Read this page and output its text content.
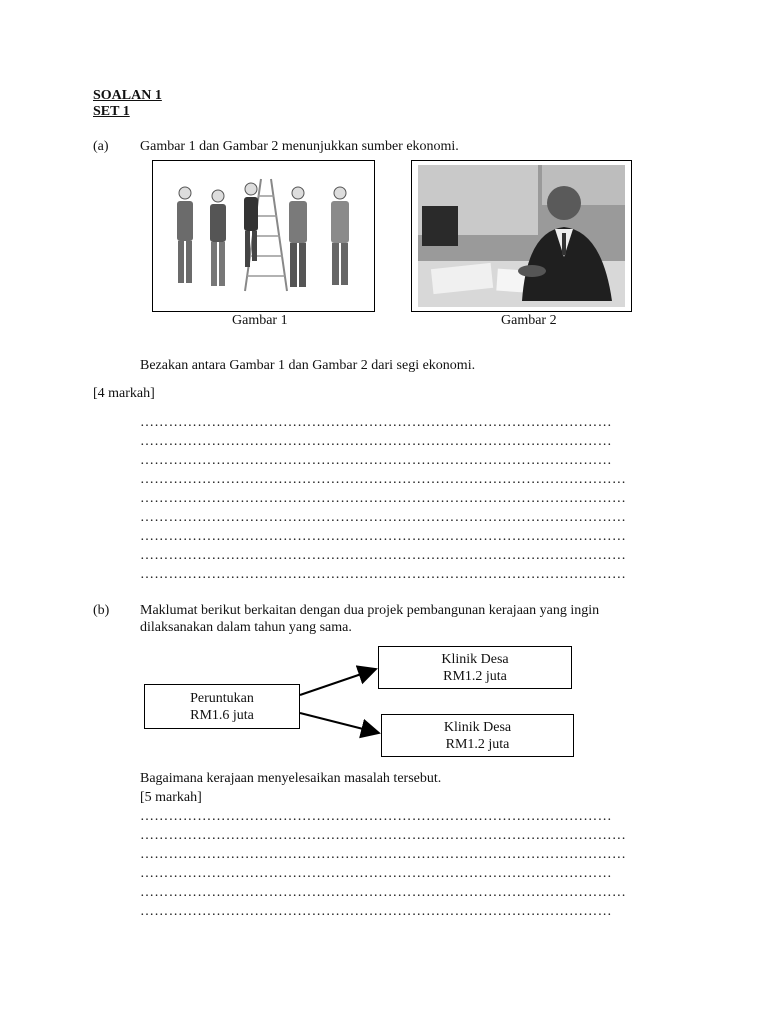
SOALAN 1
SET 1
(a) Gambar 1 dan Gambar 2 menunjukkan sumber ekonomi.
Gambar 1	Gambar 2
Bezakan antara Gambar 1 dan Gambar 2 dari segi ekonomi.
[4 markah]
………………………………………………………………………………………
………………………………………………………………………………………
………………………………………………………………………………………
…………………………………………………………………………………………
…………………………………………………………………………………………
…………………………………………………………………………………………
…………………………………………………………………………………………
…………………………………………………………………………………………
…………………………………………………………………………………………
(b) Maklumat berikut berkaitan dengan dua projek pembangunan kerajaan yang ingin
dilaksanakan dalam tahun yang sama.
Peruntukan
RM1.6 juta
Klinik Desa
RM1.2 juta
Klinik Desa
RM1.2 juta
Bagaimana kerajaan menyelesaikan masalah tersebut.
[5 markah]
………………………………………………………………………………………
…………………………………………………………………………………………
…………………………………………………………………………………………
………………………………………………………………………………………
…………………………………………………………………………………………
………………………………………………………………………………………
